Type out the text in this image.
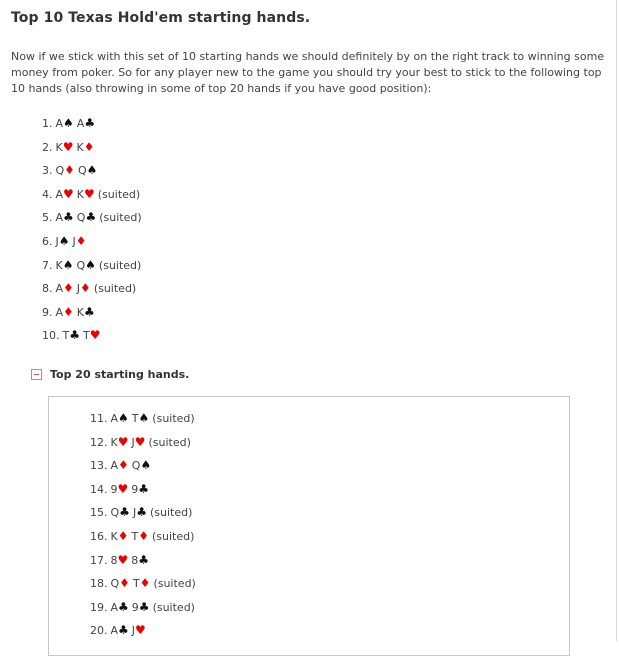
Top 10 Texas Hold'em starting hands.

Now if we stick with this set of 10 starting hands we should definitely by on the right track to winning some money from poker. So for any player new to the game you should try your best to stick to the following top 10 hands (also throwing in some of top 20 hands if you have good position):

1. A♠ A♣
2. K♥ K♦
3. Q♦ Q♠
4. A♥ K♥ (suited)
5. A♣ Q♣ (suited)
6. J♠ J♦
7. K♠ Q♠ (suited)
8. A♦ J♦ (suited)
9. A♦ K♣
10. T♣ T♥
Top 20 starting hands.
11. A♠ T♠ (suited)
12. K♥ J♥ (suited)
13. A♦ Q♠
14. 9♥ 9♣
15. Q♣ J♣ (suited)
16. K♦ T♦ (suited)
17. 8♥ 8♣
18. Q♦ T♦ (suited)
19. A♣ 9♣ (suited)
20. A♣ J♥
